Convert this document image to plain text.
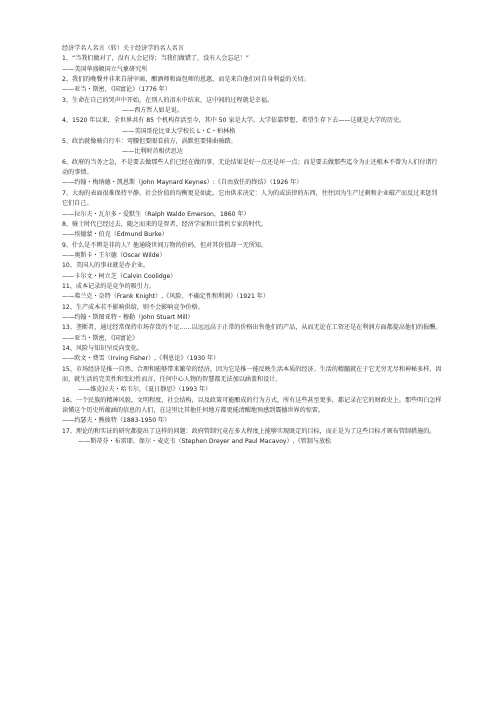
经济学名人名言（转）关于经济学的名人名言

1、“当我们做对了，没有人会记得；当我们做错了，没有人会忘记！”

——美国华盛顿国立气象研究所

2、我们的晚餐并非来自屠宰商、酿酒师和面包师的恩惠，而是来自他们对自身利益的关切。

——亚当・斯密，《国富论》（1776 年）

3、生命在自己的哭声中开始，在别人的泪水中结束，这中间的过程就是幸福。

——西方哲人如是说。

4、1520 年以来，全世界共有 85 个机构存活至今，其中 50 家是大学。大学依靠梦想、希望生存下去——这就是大学的历史。

——美国哥伦比亚大学校长 L・C・柏林格

5、政治就像骑自行车：弯腰但要眼看前方，涡默但要排曲骑踏。

——比利时首相伏思达

6、政府的当务之急，不是要去做那些人们已经在做的事，无论结果是好一点还是坏一点；而是要去做那些迄今为止还根本不曾为人们付诸行动的事情。

——约翰・梅纳德・凯恩斯（John Maynard Keynes）:《自由放任的终结》（1926 年）

7、大海的表面很难保持平静，社会价值的均衡更是如此。它由供求决定：人为的或法律的东西，往往因为生产过剩和企业破产而反过来惩罚它们自己。

——拉尔夫・瓦尔多・爱默生（Ralph Waldo Emerson，1860 年）

8、骑士时代已经过去，随之而来的是智者、经济学家和计算机专家的时代。

——埃德蒙・伯克（Edmund Burke）

9、什么是不辨是非的人？他通晓世间万物的价码，但对其价值却一无所知。

——奥斯卡・王尔德（Oscar Wilde）

10、美国人的事业就是办企业。

——卡尔文・柯立芝（Calvin Coolidge）

11、成本记录的是竞争的吸引力。

——弗兰克・奈特（Frank Knight）,《风险、不确定性和利润》（1921 年）

12、生产成本若不影响供给，则不会影响竞争价格。

——约翰・斯图亚特・穆勒（John Stuart Mill）

13、垄断者，通过经常保持市场存货的不足……以远远高于正常的价格出售他们的产品，从而无论在工资还是在利润方面都提高他们的报酬。

——亚当・斯密，《国富论》

14、风险与知识呈反向变化。

——欧文・费雪（Irving Fisher）,《利息论》（1930 年）

15、市场经济是推一自然、合理和能够带来繁荣的经济，因为它是推一能反映生活本质的经济。生活的精髓就在于它无穷无尽和神秘多样，因而，就生活的完美性和变幻性而言，任何中心人物的智慧都无法加以涵盖和设计。

——维克拉夫・哈韦尔，《夏日静思》（1993 年）

16、一个民族的精神风貌、文明程度、社会结构，以及政策可能酿成的行为方式，所有这些甚至更多，都记录在它的财政史上。那些明白怎样读懂这个历史所蕴涵的信息的人们，在这里比其他任何地方都更能清醒地预感到震撼世界的惊雷。

——约瑟夫・熊彼特（1883-1950 年）

17、理论的和实证的研究都提出了这样的问题：政府管制究竟在多大程度上能够实现既定的目标，而正是为了这些目标才颁布管制措施的。

——斯蒂芬・布雷耶、保尔・麦克韦（Stephen Dreyer and Paul Macavoy）,《管制与放松
